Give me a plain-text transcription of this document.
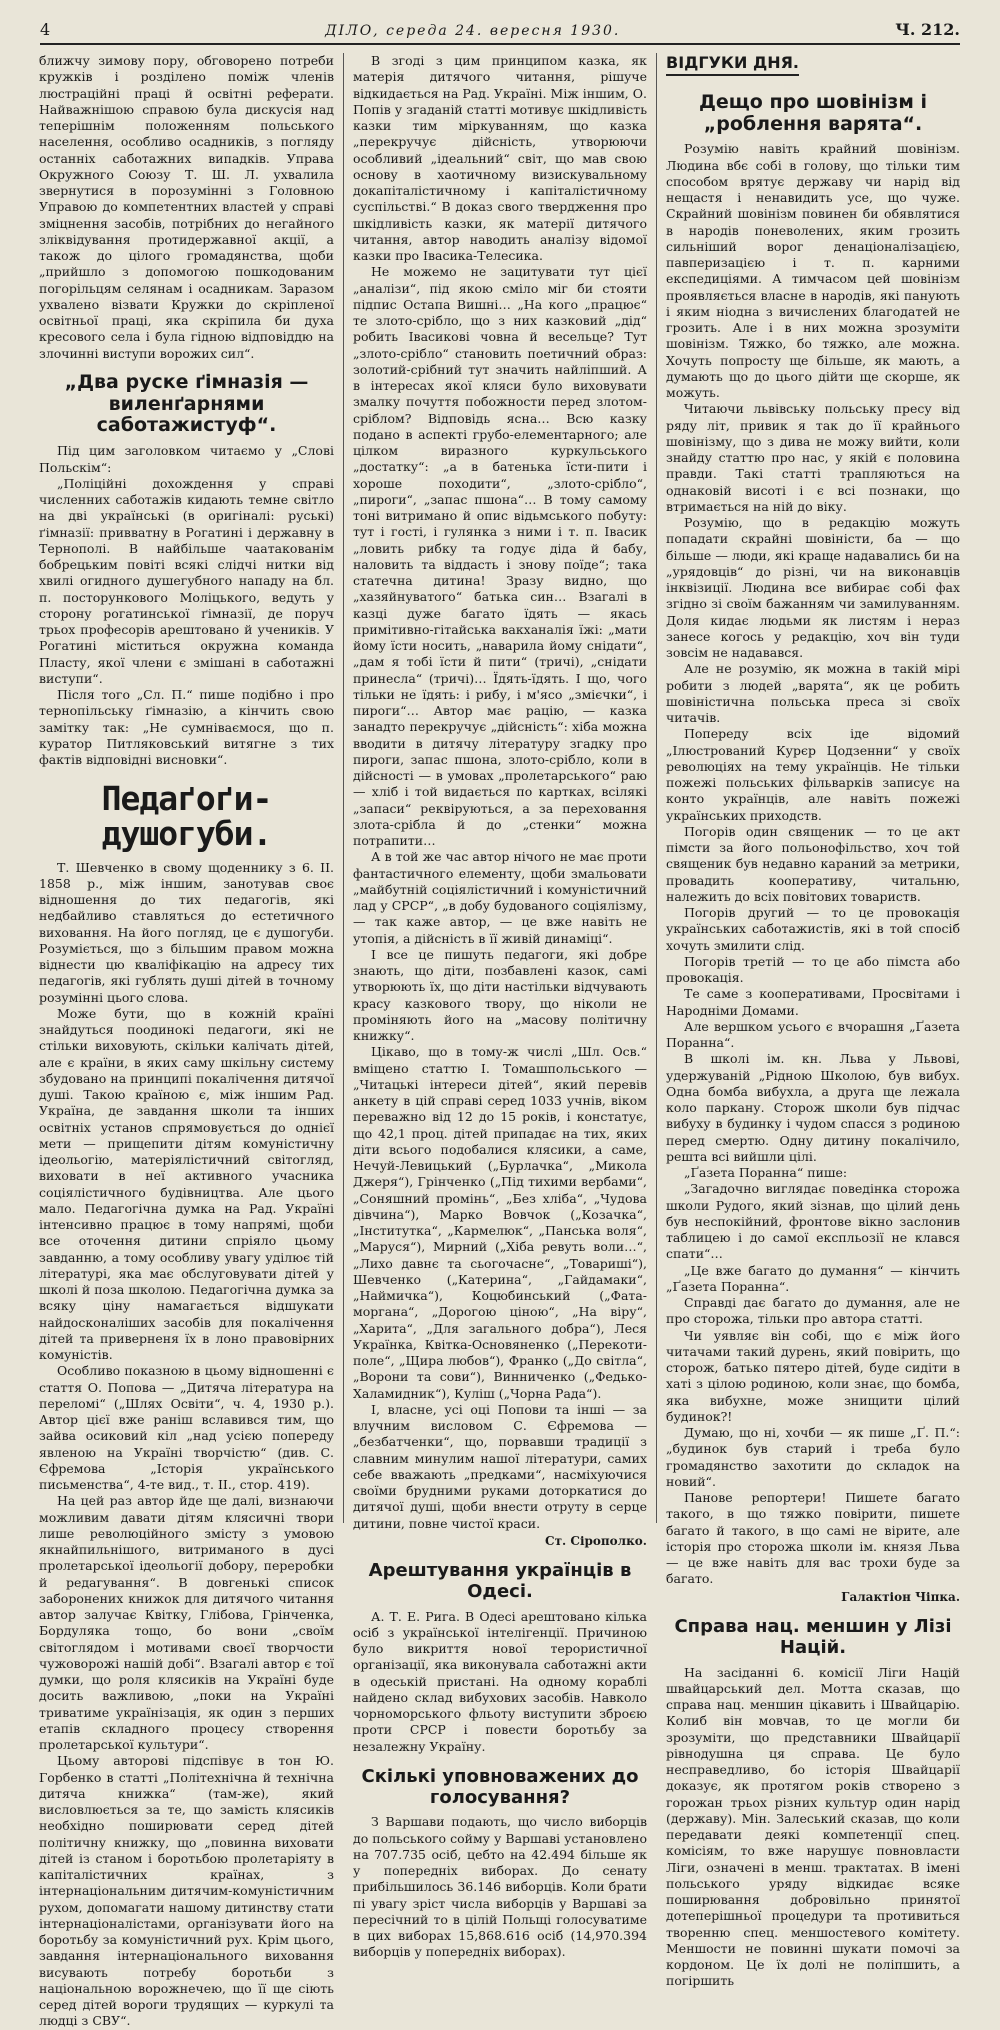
4	ДІЛО, середа 24. вересня 1930.	Ч. 212.

ближчу зимову пору, обговорено потреби кружків і розділено поміж членів люстраційні праці й освітні реферати. Найважнішою справою була дискусія над теперішнім положенням польського населення, особливо осадників, з погляду останніх саботажних випадків. Управа Окружного Союзу Т. Ш. Л. ухвалила звернутися в порозумінні з Головною Управою до компетентних властей у справі зміцнення засобів, потрібних до негайного зліквідування протидержавної акції, а також до цілого громадянства, щоби „прийшло з допомогою пошкодованим погорільцям селянам і осадникам. Заразом ухвалено візвати Кружки до скріпленої освітньої праці, яка скріпила би духа кресового села і була гідною відповіддю на злочинні виступи ворожих сил“.

„Два руске ґімназія — виленґарнями саботажистуф“.

Під цим заголовком читаємо у „Слові Польскім“:

„Поліційні дохождення у справі численних саботажів кидають темне світло на дві українські (в оригіналі: руські) ґімназії: привватну в Рогатині і державну в Тернополі. В найбільше чаатакованім бобрецьким повіті всякі слідчі нитки від хвилі огидного душегубного нападу на бл. п. посторункового Моліцького, ведуть у сторону рогатинської ґімназії, де поруч трьох професорів арештовано й учеників. У Рогатині міститься окружна команда Пласту, якої члени є змішані в саботажні виступи“.

Після того „Сл. П.“ пише подібно і про тернопільську ґімназію, а кінчить свою замітку так: „Не сумніваємося, що п. куратор Питляковський витягне з тих фактів відповідні висновки“.

Педаґоґи-душогуби.

Т. Шевченко в свому щоденнику з 6. II. 1858 р., між іншим, занотував своє відношення до тих педагогів, які недбайливо ставляться до естетичного виховання. На його погляд, це є душогуби. Розуміється, що з більшим правом можна віднести цю кваліфікацію на адресу тих педагогів, які гублять душі дітей в точному розумінні цього слова.

Може бути, що в кожній країні знайдуться поодинокі педагоги, які не стільки виховують, скільки калічать дітей, але є країни, в яких саму шкільну систему збудовано на принципі покалічення дитячої душі. Такою країною є, між іншим Рад. Україна, де завдання школи та інших освітніх установ спрямовується до однієї мети — прищепити дітям комуністичну ідеольогію, матеріялістичний світогляд, виховати в неї активного учасника соціялістичного будівництва. Але цього мало. Педагогічна думка на Рад. Україні інтенсивно працює в тому напрямі, щоби все оточення дитини спріяло цьому завданню, а тому особливу увагу уділює тій літературі, яка має обслуговувати дітей у школі й поза школою. Педагогічна думка за всяку ціну намагається відшукати найдосконаліших засобів для покалічення дітей та приверненя їх в лоно правовірних комуністів.

Особливо показною в цьому відношенні є стаття О. Попова — „Дитяча література на переломі“ („Шлях Освіти“, ч. 4, 1930 р.). Автор цієї вже раніш вславився тим, що зайва осиковий кіл „над усією попереду явленою на Україні творчістю“ (див. С. Єфремова „Історія українського письменства“, 4-те вид., т. II., стор. 419).

На цей раз автор йде ще далі, визнаючи можливим давати дітям клясичні твори лише революційного змісту з умовою якнайпильнішого, витриманого в дусі пролетарської ідеольогії добору, переробки й редагування“. В довгенькі список заборонених книжок для дитячого читання автор залучає Квітку, Глібова, Грінченка, Бордуляка тощо, бо вони „своїм світоглядом і мотивами своєї творчости чужоворожі нашій добі“. Взагалі автор є тої думки, що роля клясиків на Україні буде досить важливою, „поки на Україні триватиме українізація, як один з перших етапів складного процесу створення пролетарської культури“.

Цьому авторові підспівує в тон Ю. Горбенко в статті „Політехнічна й технічна дитяча книжка“ (там-же), який висловлюється за те, що замість клясиків необхідно поширювати серед дітей політичну книжку, що „повинна виховати дітей із станом і боротьбою пролетаріяту в капіталістичних країнах, з інтернаціональним дитячим-комуністичним рухом, допомагати нашому дитинству стати інтернаціоналістами, організувати його на боротьбу за комуністичний рух. Крім цього, завдання інтернаціонального виховання висувають потребу боротьби з національною ворожнечею, що її ще сіють серед дітей вороги трудящих — куркулі та людці з СВУ“.

В згоді з цим принципом казка, як матерія дитячого читання, рішуче відкидається на Рад. Україні. Між іншим, О. Попів у згаданій статті мотивує шкідливість казки тим міркуванням, що казка „перекручує дійсність, утворюючи особливий „ідеальний“ світ, що мав свою основу в хаотичному визискувальному докапіталістичному і капіталістичному суспільстві.“ В доказ свого твердження про шкідливість казки, як матерії дитячого читання, автор наводить аналізу відомої казки про Івасика-Телесика.

Не можемо не зацитувати тут цієї „аналізи“, під якою сміло міг би стояти підпис Остапа Вишні… „На кого „працює“ те злото-срібло, що з них казковий „дід“ робить Івасикові човна й весельце? Тут „злото-срібло“ становить поетичний образ: золотий-срібний тут значить найліпший. А в інтересах якої кляси було виховувати змалку почуття побожности перед злотом-сріблом? Відповідь ясна… Всю казку подано в аспекті грубо-елементарного; але цілком виразного куркульського „достатку“: „а в батенька їсти-пити і хороше походити“, „злото-срібло“, „пироги“, „запас пшона“… В тому самому тоні витримано й опис відьмського побуту: тут і гості, і гулянка з ними і т. п. Івасик „ловить рибку та годує діда й бабу, наловить та віддасть і знову поїде“; така статечна дитина! Зразу видно, що „хазяйнуватого“ батька син… Взагалі в казці дуже багато їдять — якась примітивно-гітайська вакханалія їжі: „мати йому їсти носить, „наварила йому снідати“, „дам я тобі їсти й пити“ (тричі), „снідати принесла“ (тричі)… Їдять-їдять. І що, чого тільки не їдять: і рибу, і м'ясо „змієчки“, і пироги“… Автор має рацію, — казка занадто перекручує „дійсність“: хіба можна вводити в дитячу літературу згадку про пироги, запас пшона, злото-срібло, коли в дійсності — в умовах „пролетарського“ раю — хліб і той видається по картках, всілякі „запаси“ реквіруються, а за переховання злота-срібла й до „стенки“ можна потрапити…

А в той же час автор нічого не має проти фантастичного елементу, щоби змальовати „майбутній соціялістичний і комуністичний лад у СРСР“, „в добу будованого соціялізму, — так каже автор, — це вже навіть не утопія, а дійсність в її живій динаміці“.

І все це пишуть педагоги, які добре знають, що діти, позбавлені казок, самі утворюють їх, що діти настільки відчувають красу казкового твору, що ніколи не проміняють його на „масову політичну книжку“.

Цікаво, що в тому-ж числі „Шл. Осв.“ вміщено статтю І. Томашпольського — „Читацькі інтереси дітей“, який перевів анкету в цій справі серед 1033 учнів, віком переважно від 12 до 15 років, і констатує, що 42,1 проц. дітей припадає на тих, яких діти всього подобалися клясики, а саме, Нечуй-Левицький („Бурлачка“, „Микола Джеря“), Грінченко („Під тихими вербами“, „Соняшний промінь“, „Без хліба“, „Чудова дівчина“), Марко Вовчок („Козачка“, „Інститутка“, „Кармелюк“, „Панська воля“, „Маруся“), Мирний („Хіба ревуть воли…“, „Лихо давнє та сьогочасне“, „Товариші“), Шевченко („Катерина“, „Гайдамаки“, „Наймичка“), Коцюбинський („Фата-моргана“, „Дорогою ціною“, „На віру“, „Харита“, „Для загального добра“), Леся Українка, Квітка-Основяненко („Перекоти-поле“, „Щира любов“), Франко („До світла“, „Ворони та сови“), Винниченко („Федько-Халамидник“), Куліш („Чорна Рада“).

І, власне, усі оці Попови та інші — за влучним висловом С. Єфремова — „безбатченки“, що, порвавши традиції з славним минулим нашої літератури, самих себе вважають „предками“, насміхуючися своїми брудними руками доторкатися до дитячої душі, щоби внести отруту в серце дитини, повне чистої краси.

Ст. Сірополко.

Арештування українців в Одесі.

А. Т. Е. Рига. В Одесі арештовано кілька осіб з української інтелігенції. Причиною було викриття нової терористичної організації, яка виконувала саботажні акти в одеській пристані. На одному кораблі найдено склад вибухових засобів. Навколо чорноморського фльоту виступити зброєю проти СРСР і повести боротьбу за незалежну Україну.

Скількі уповноважених до голосування?

З Варшави подають, що число виборців до польського сойму у Варшаві установлено на 707.735 осіб, цебто на 42.494 більше як у попередніх виборах. До сенату прибільшилось 36.146 виборців. Коли брати пі увагу зріст числа виборців у Варшаві за пересічний то в цілій Польщі голосуватиме в цих виборах 15,868.616 осіб (14,970.394 виборців у попередніх виборах).

ВІДГУКИ ДНЯ.
Дещо про шовінізм і „роблення варята“.

Розумію навіть крайний шовінізм. Людина вбє собі в голову, що тільки тим способом врятує державу чи нарід від нещастя і ненавидить усе, що чуже. Скрайний шовінізм повинен би обявлятися в народів поневолених, яким грозить сильніший ворог денаціоналізацією, павперизацією і т. п. карними експедиціями. А тимчасом цей шовінізм проявляється власне в народів, які панують і яким ніодна з вичислених благодатей не грозить. Але і в них можна зрозуміти шовінізм. Тяжко, бо тяжко, але можна. Хочуть попросту ще більше, як мають, а думають що до цього дійти ще скорше, як можуть.

Читаючи львівську польську пресу від ряду літ, привик я так до її крайнього шовінізму, що з дива не можу вийти, коли знайду статтю про нас, у якій є половина правди. Такі статті трапляються на однаковій висоті і є всі познаки, що втримається на ній до віку.

Розумію, що в редакцію можуть попадати скрайні шовіністи, ба — що більше — люди, які краще надавались би на „урядовців“ до різні, чи на виконавців інквізиції. Людина все вибирає собі фах згідно зі своїм бажанням чи замилуванням. Доля кидає людьми як листям і нераз занесе когось у редакцію, хоч він туди зовсім не надавався.

Але не розумію, як можна в такій мірі робити з людей „варята“, як це робить шовіністична польська преса зі своїх читачів.

Попереду всіх іде відомий „Ілюстрований Курєр Цодзенни“ у своїх революціях на тему українців. Не тільки пожежі польських фільварків записує на конто українців, але навіть пожежі українських приходств.

Погорів один священик — то це акт пімсти за його польонофільство, хоч той священик був недавно караний за метрики, провадить кооперативу, читальню, належить до всіх повітових товариств.

Погорів другий — то це провокація українських саботажистів, які в той спосіб хочуть змилити слід.

Погорів третій — то це або пімста або провокація.

Те саме з кооперативами, Просвітами і Народніми Домами.

Але вершком усього є вчорашня „Ґазета Поранна“.

В школі ім. кн. Льва у Львові, удержуваній „Рідною Школою, був вибух. Одна бомба вибухла, а друга ще лежала коло паркану. Сторож школи був підчас вибуху в будинку і чудом спасся з родиною перед смертю. Одну дитину покалічило, решта всі вийшли цілі.

„Ґазета Поранна“ пише:

„Загадочно виглядає поведінка сторожа школи Рудого, який зізнав, що цілий день був неспокійний, фронтове вікно заслонив таблицею і до самої експльозії не клався спати“…

„Це вже багато до думання“ — кінчить „Ґазета Поранна“.

Справді дає багато до думання, але не про сторожа, тільки про автора статті.

Чи уявляє він собі, що є між його читачами такий дурень, який повірить, що сторож, батько пятеро дітей, буде сидіти в хаті з цілою родиною, коли знає, що бомба, яка вибухне, може знищити цілий будинок?!

Думаю, що ні, хочби — як пише „Ґ. П.“: „будинок був старий і треба було громадянство захотити до складок на новий“.

Панове репортери! Пишете багато такого, в що тяжко повірити, пишете багато й такого, в що самі не вірите, але історія про сторожа школи ім. князя Льва — це вже навіть для вас трохи буде за багато.

Галактіон Чіпка.

Справа нац. меншин у Лізі Націй.

На засіданні 6. комісії Ліги Націй швайцарський дел. Мотта сказав, що справа нац. меншин цікавить і Швайцарію. Колиб він мовчав, то це могли би зрозуміти, що представники Швайцарії рівнодушна ця справа. Це було несправедливо, бо історія Швайцарії доказує, як протягом років створено з горожан трьох різних культур один нарід (державу). Мін. Залеський сказав, що коли передавати деякі компетенції спец. комісіям, то вже нарушує повновласти Ліги, означені в менш. трактатах. В імені польського уряду відкидає всяке поширювання добровільно принятої дотеперішньої процедури та противиться творенню спец. меншостевого комітету. Меншости не повинні шукати помочі за кордоном. Це їх долі не поліпшить, а погіршить
